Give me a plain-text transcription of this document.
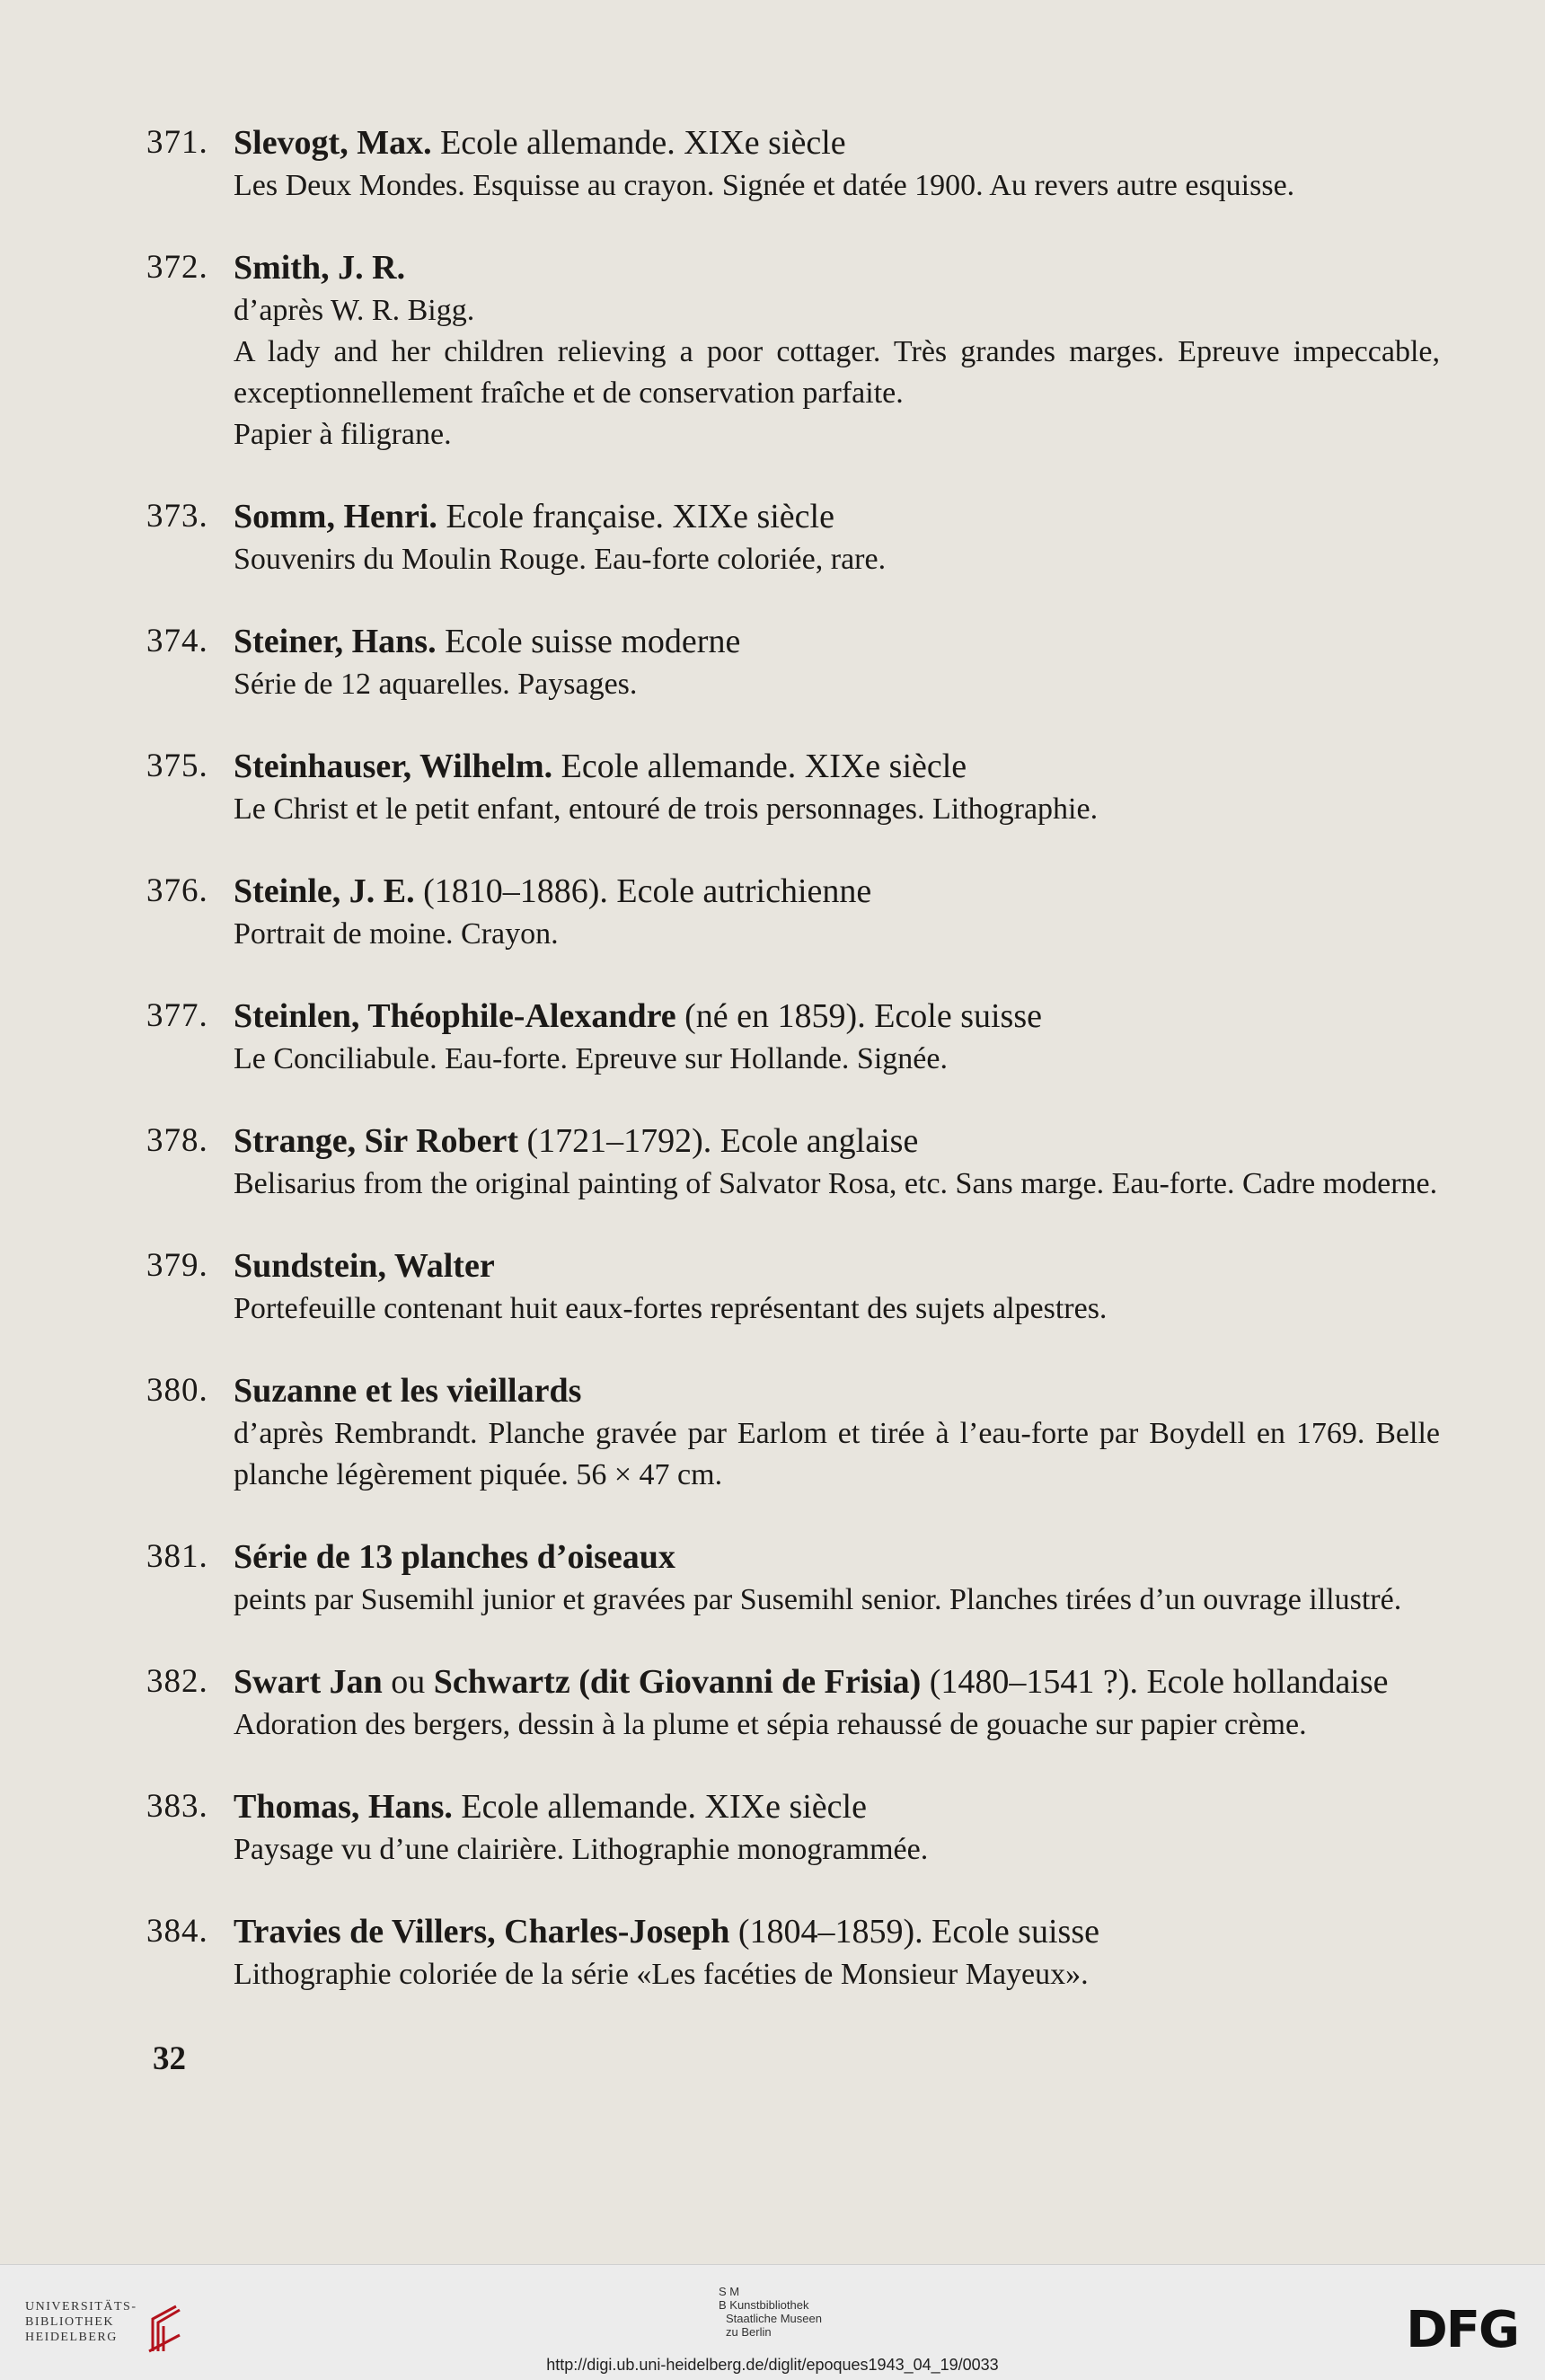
371. Slevogt, Max. Ecole allemande. XIXe siècle

Les Deux Mondes. Esquisse au crayon. Signée et datée 1900. Au revers autre esquisse.

372. Smith, J. R.

d’après W. R. Bigg.

A lady and her children relieving a poor cottager. Très grandes marges. Epreuve impeccable, exceptionnellement fraîche et de conservation parfaite.

Papier à filigrane.

373. Somm, Henri. Ecole française. XIXe siècle

Souvenirs du Moulin Rouge. Eau-forte coloriée, rare.

374. Steiner, Hans. Ecole suisse moderne

Série de 12 aquarelles. Paysages.

375. Steinhauser, Wilhelm. Ecole allemande. XIXe siècle

Le Christ et le petit enfant, entouré de trois personnages. Lithographie.

376. Steinle, J. E. (1810–1886). Ecole autrichienne

Portrait de moine. Crayon.

377. Steinlen, Théophile-Alexandre (né en 1859). Ecole suisse

Le Conciliabule. Eau-forte. Epreuve sur Hollande. Signée.

378. Strange, Sir Robert (1721–1792). Ecole anglaise

Belisarius from the original painting of Salvator Rosa, etc. Sans marge. Eau-forte. Cadre moderne.

379. Sundstein, Walter

Portefeuille contenant huit eaux-fortes représentant des sujets alpestres.

380. Suzanne et les vieillards

d’après Rembrandt. Planche gravée par Earlom et tirée à l’eau-forte par Boydell en 1769. Belle planche légèrement piquée. 56 × 47 cm.

381. Série de 13 planches d’oiseaux

peints par Susemihl junior et gravées par Susemihl senior. Planches tirées d’un ouvrage illustré.

382. Swart Jan ou Schwartz (dit Giovanni de Frisia) (1480–1541 ?). Ecole hollandaise

Adoration des bergers, dessin à la plume et sépia rehaussé de gouache sur papier crème.

383. Thomas, Hans. Ecole allemande. XIXe siècle

Paysage vu d’une clairière. Lithographie monogrammée.

384. Travies de Villers, Charles-Joseph (1804–1859). Ecole suisse

Lithographie coloriée de la série «Les facéties de Monsieur Mayeux».

32
UNIVERSITÄTS-
BIBLIOTHEK
HEIDELBERG
S M
B Kunstbibliothek
Staatliche Museen
zu Berlin
http://digi.ub.uni-heidelberg.de/diglit/epoques1943_04_19/0033
DFG
